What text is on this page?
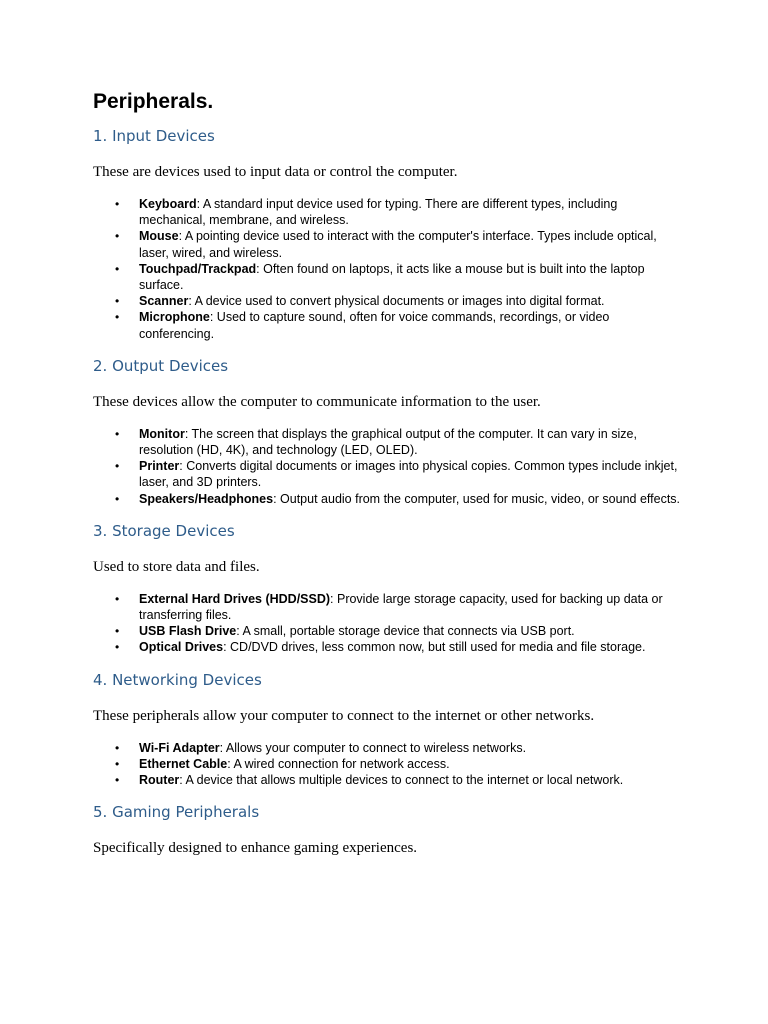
Peripherals.
1. Input Devices

These are devices used to input data or control the computer.

• Keyboard: A standard input device used for typing. There are different types, including mechanical, membrane, and wireless.
• Mouse: A pointing device used to interact with the computer's interface. Types include optical, laser, wired, and wireless.
• Touchpad/Trackpad: Often found on laptops, it acts like a mouse but is built into the laptop surface.
• Scanner: A device used to convert physical documents or images into digital format.
• Microphone: Used to capture sound, often for voice commands, recordings, or video conferencing.
2. Output Devices

These devices allow the computer to communicate information to the user.

• Monitor: The screen that displays the graphical output of the computer. It can vary in size, resolution (HD, 4K), and technology (LED, OLED).
• Printer: Converts digital documents or images into physical copies. Common types include inkjet, laser, and 3D printers.
• Speakers/Headphones: Output audio from the computer, used for music, video, or sound effects.
3. Storage Devices

Used to store data and files.

• External Hard Drives (HDD/SSD): Provide large storage capacity, used for backing up data or transferring files.
• USB Flash Drive: A small, portable storage device that connects via USB port.
• Optical Drives: CD/DVD drives, less common now, but still used for media and file storage.
4. Networking Devices

These peripherals allow your computer to connect to the internet or other networks.

• Wi-Fi Adapter: Allows your computer to connect to wireless networks.
• Ethernet Cable: A wired connection for network access.
• Router: A device that allows multiple devices to connect to the internet or local network.
5. Gaming Peripherals

Specifically designed to enhance gaming experiences.
